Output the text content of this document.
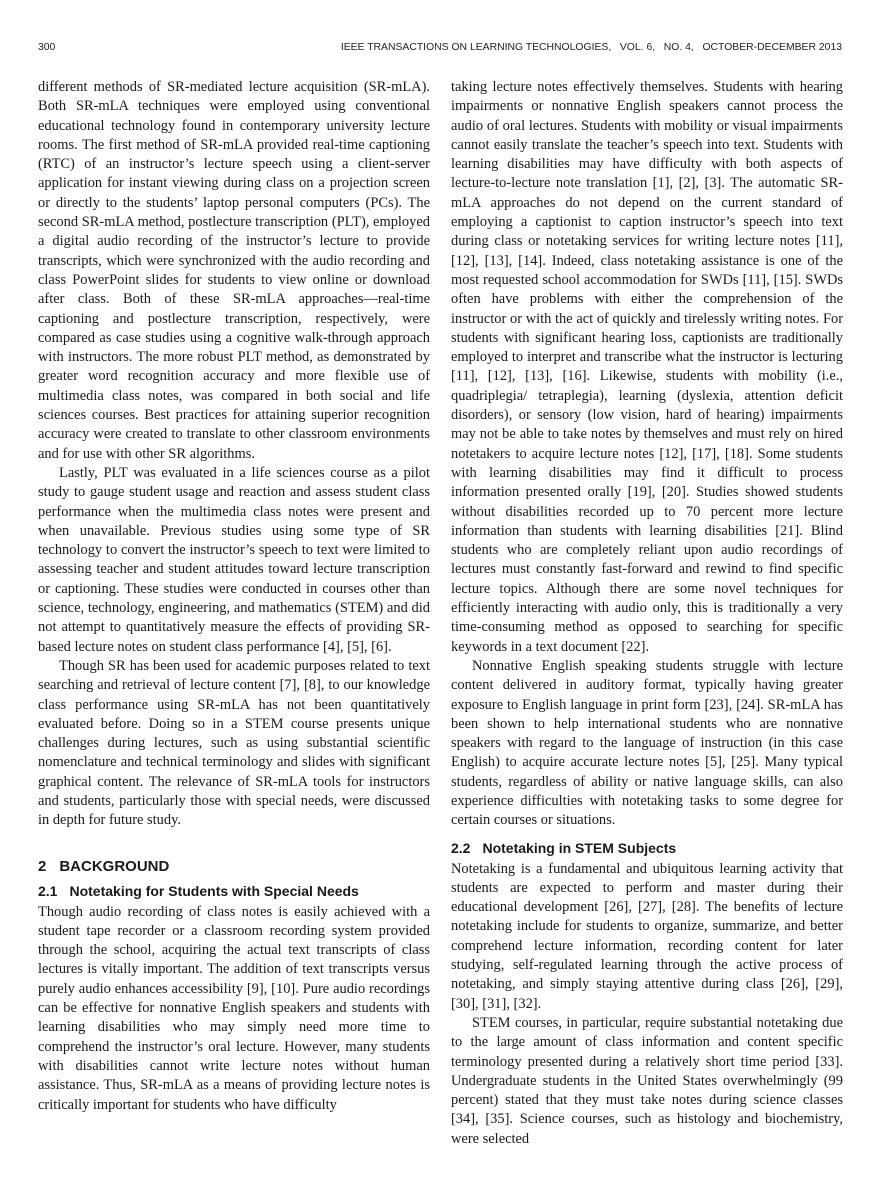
300	IEEE TRANSACTIONS ON LEARNING TECHNOLOGIES,   VOL. 6,   NO. 4,   OCTOBER-DECEMBER 2013

different methods of SR-mediated lecture acquisition (SR-mLA). Both SR-mLA techniques were employed using conventional educational technology found in contemporary university lecture rooms. The first method of SR-mLA provided real-time captioning (RTC) of an instructor’s lecture speech using a client-server application for instant viewing during class on a projection screen or directly to the students’ laptop personal computers (PCs). The second SR-mLA method, postlecture transcription (PLT), employed a digital audio recording of the instructor’s lecture to provide transcripts, which were synchronized with the audio recording and class PowerPoint slides for students to view online or download after class. Both of these SR-mLA approaches—real-time captioning and postlecture transcription, respectively, were compared as case studies using a cognitive walk-through approach with instructors. The more robust PLT method, as demonstrated by greater word recognition accuracy and more flexible use of multimedia class notes, was compared in both social and life sciences courses. Best practices for attaining superior recognition accuracy were created to translate to other classroom environments and for use with other SR algorithms.

Lastly, PLT was evaluated in a life sciences course as a pilot study to gauge student usage and reaction and assess student class performance when the multimedia class notes were present and when unavailable. Previous studies using some type of SR technology to convert the instructor’s speech to text were limited to assessing teacher and student attitudes toward lecture transcription or captioning. These studies were conducted in courses other than science, technology, engineering, and mathematics (STEM) and did not attempt to quantitatively measure the effects of providing SR-based lecture notes on student class performance [4], [5], [6].

Though SR has been used for academic purposes related to text searching and retrieval of lecture content [7], [8], to our knowledge class performance using SR-mLA has not been quantitatively evaluated before. Doing so in a STEM course presents unique challenges during lectures, such as using substantial scientific nomenclature and technical terminology and slides with significant graphical content. The relevance of SR-mLA tools for instructors and students, particularly those with special needs, were discussed in depth for future study.

2 BACKGROUND
2.1 Notetaking for Students with Special Needs

Though audio recording of class notes is easily achieved with a student tape recorder or a classroom recording system provided through the school, acquiring the actual text transcripts of class lectures is vitally important. The addition of text transcripts versus purely audio enhances accessibility [9], [10]. Pure audio recordings can be effective for nonnative English speakers and students with learning disabilities who may simply need more time to comprehend the instructor’s oral lecture. However, many students with disabilities cannot write lecture notes without human assistance. Thus, SR-mLA as a means of providing lecture notes is critically important for students who have difficulty

taking lecture notes effectively themselves. Students with hearing impairments or nonnative English speakers cannot process the audio of oral lectures. Students with mobility or visual impairments cannot easily translate the teacher’s speech into text. Students with learning disabilities may have difficulty with both aspects of lecture-to-lecture note translation [1], [2], [3]. The automatic SR-mLA approaches do not depend on the current standard of employing a captionist to caption instructor’s speech into text during class or notetaking services for writing lecture notes [11], [12], [13], [14]. Indeed, class notetaking assistance is one of the most requested school accommodation for SWDs [11], [15]. SWDs often have problems with either the comprehension of the instructor or with the act of quickly and tirelessly writing notes. For students with significant hearing loss, captionists are traditionally employed to interpret and transcribe what the instructor is lecturing [11], [12], [13], [16]. Likewise, students with mobility (i.e., quadriplegia/ tetraplegia), learning (dyslexia, attention deficit disorders), or sensory (low vision, hard of hearing) impairments may not be able to take notes by themselves and must rely on hired notetakers to acquire lecture notes [12], [17], [18]. Some students with learning disabilities may find it difficult to process information presented orally [19], [20]. Studies showed students without disabilities recorded up to 70 percent more lecture information than students with learning disabilities [21]. Blind students who are completely reliant upon audio recordings of lectures must constantly fast-forward and rewind to find specific lecture topics. Although there are some novel techniques for efficiently interacting with audio only, this is traditionally a very time-consuming method as opposed to searching for specific keywords in a text document [22].

Nonnative English speaking students struggle with lecture content delivered in auditory format, typically having greater exposure to English language in print form [23], [24]. SR-mLA has been shown to help international students who are nonnative speakers with regard to the language of instruction (in this case English) to acquire accurate lecture notes [5], [25]. Many typical students, regardless of ability or native language skills, can also experience difficulties with notetaking tasks to some degree for certain courses or situations.

2.2 Notetaking in STEM Subjects

Notetaking is a fundamental and ubiquitous learning activity that students are expected to perform and master during their educational development [26], [27], [28]. The benefits of lecture notetaking include for students to organize, summarize, and better comprehend lecture information, recording content for later studying, self-regulated learning through the active process of notetaking, and simply staying attentive during class [26], [29], [30], [31], [32].

STEM courses, in particular, require substantial notetaking due to the large amount of class information and content specific terminology presented during a relatively short time period [33]. Undergraduate students in the United States overwhelmingly (99 percent) stated that they must take notes during science classes [34], [35]. Science courses, such as histology and biochemistry, were selected
